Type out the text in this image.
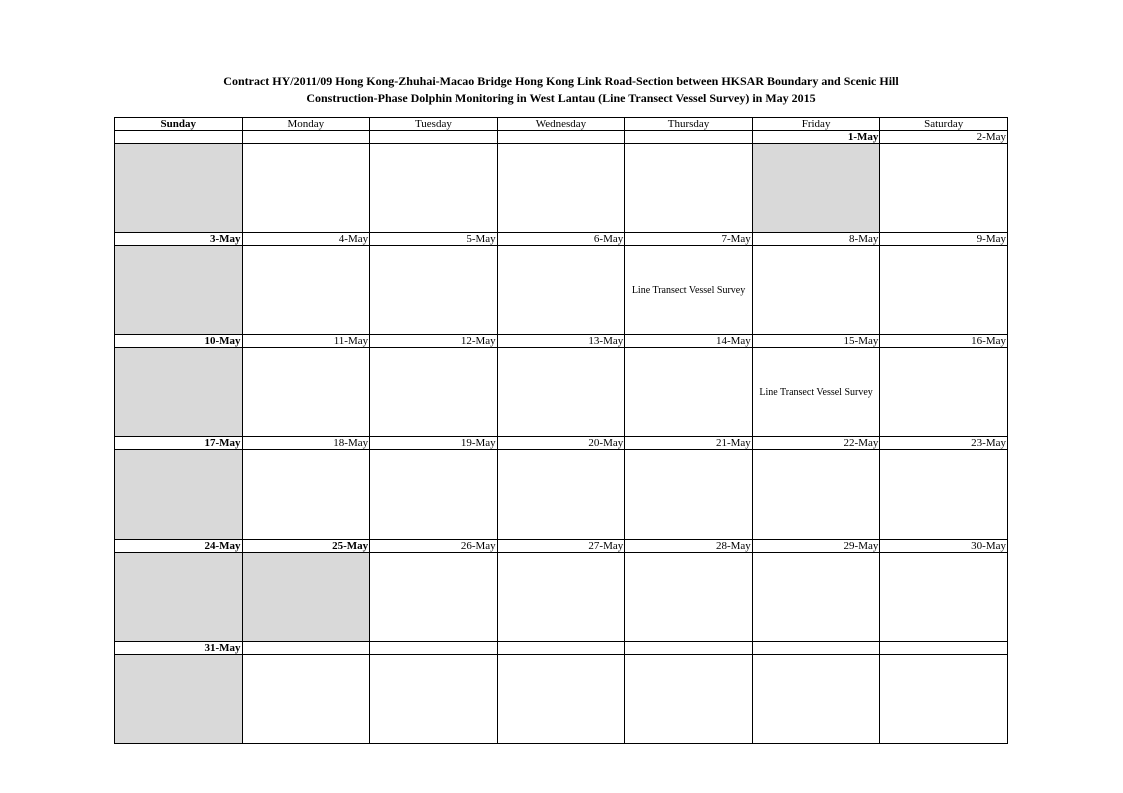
Contract HY/2011/09 Hong Kong-Zhuhai-Macao Bridge Hong Kong Link Road-Section between HKSAR Boundary and Scenic Hill

Construction-Phase Dolphin Monitoring in West Lantau (Line Transect Vessel Survey) in May 2015

Sunday	Monday	Tuesday	Wednesday	Thursday	Friday	Saturday
					1-May	2-May

3-May	4-May	5-May	6-May	7-May	8-May	9-May
				Line Transect Vessel Survey		
10-May	11-May	12-May	13-May	14-May	15-May	16-May
					Line Transect Vessel Survey	
17-May	18-May	19-May	20-May	21-May	22-May	23-May

24-May	25-May	26-May	27-May	28-May	29-May	30-May

31-May						
